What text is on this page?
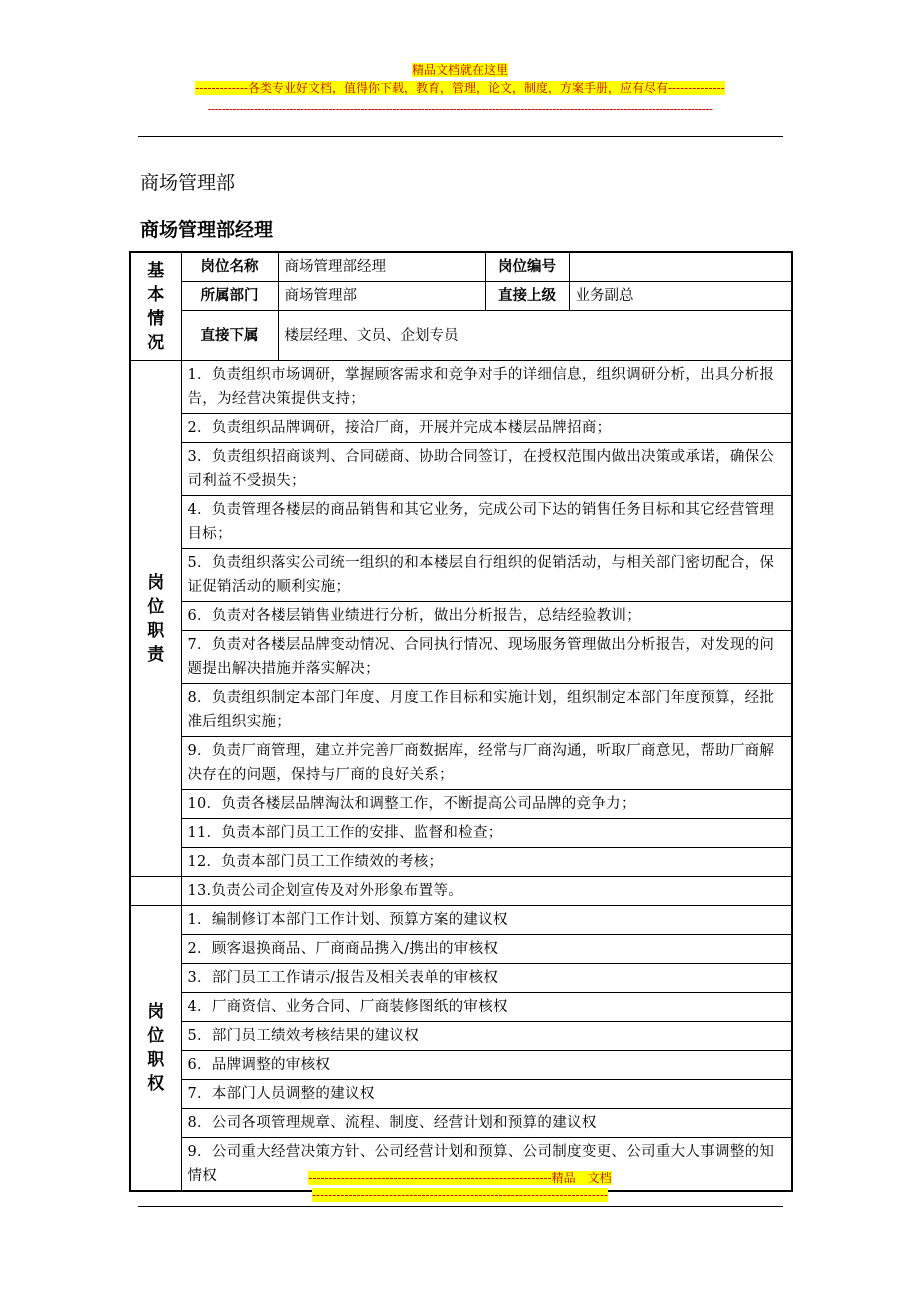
精品文档就在这里
-------------各类专业好文档，值得你下载，教育，管理，论文，制度，方案手册，应有尽有--------------
----------------------------------------------------------------------------------------------------------------------------------------------
商场管理部
商场管理部经理
基
本
情
况	岗位名称	商场管理部经理	岗位编号	
	所属部门	商场管理部	直接上级	业务副总
	直接下属	楼层经理、文员、企划专员		

岗
位
职
责	1．负责组织市场调研，掌握顾客需求和竞争对手的详细信息，组织调研分析，出具分析报告，为经营决策提供支持；			
	2．负责组织品牌调研，接洽厂商，开展并完成本楼层品牌招商；			
	3．负责组织招商谈判、合同磋商、协助合同签订，在授权范围内做出决策或承诺，确保公司利益不受损失；			
	4．负责管理各楼层的商品销售和其它业务，完成公司下达的销售任务目标和其它经营管理目标；			
	5．负责组织落实公司统一组织的和本楼层自行组织的促销活动，与相关部门密切配合，保证促销活动的顺利实施；			
	6．负责对各楼层销售业绩进行分析，做出分析报告，总结经验教训；			
	7．负责对各楼层品牌变动情况、合同执行情况、现场服务管理做出分析报告，对发现的问题提出解决措施并落实解决；			
	8．负责组织制定本部门年度、月度工作目标和实施计划，组织制定本部门年度预算，经批准后组织实施；			
	9．负责厂商管理，建立并完善厂商数据库，经常与厂商沟通，听取厂商意见，帮助厂商解决存在的问题，保持与厂商的良好关系；			
	10．负责各楼层品牌淘汰和调整工作，不断提高公司品牌的竞争力；			
	11．负责本部门员工工作的安排、监督和检查；			
	12．负责本部门员工工作绩效的考核；			
	13.负责公司企划宣传及对外形象布置等。			

岗
位
职
权	1．编制修订本部门工作计划、预算方案的建议权			
	2．顾客退换商品、厂商商品携入/携出的审核权			
	3．部门员工工作请示/报告及相关表单的审核权			
	4．厂商资信、业务合同、厂商装修图纸的审核权			
	5．部门员工绩效考核结果的建议权			
	6．品牌调整的审核权			
	7．本部门人员调整的建议权			
	8．公司各项管理规章、流程、制度、经营计划和预算的建议权			
	9．公司重大经营决策方针、公司经营计划和预算、公司制度变更、公司重大人事调整的知情权				------------------------------------------------------------精品　文档
-------------------------------------------------------------------------
